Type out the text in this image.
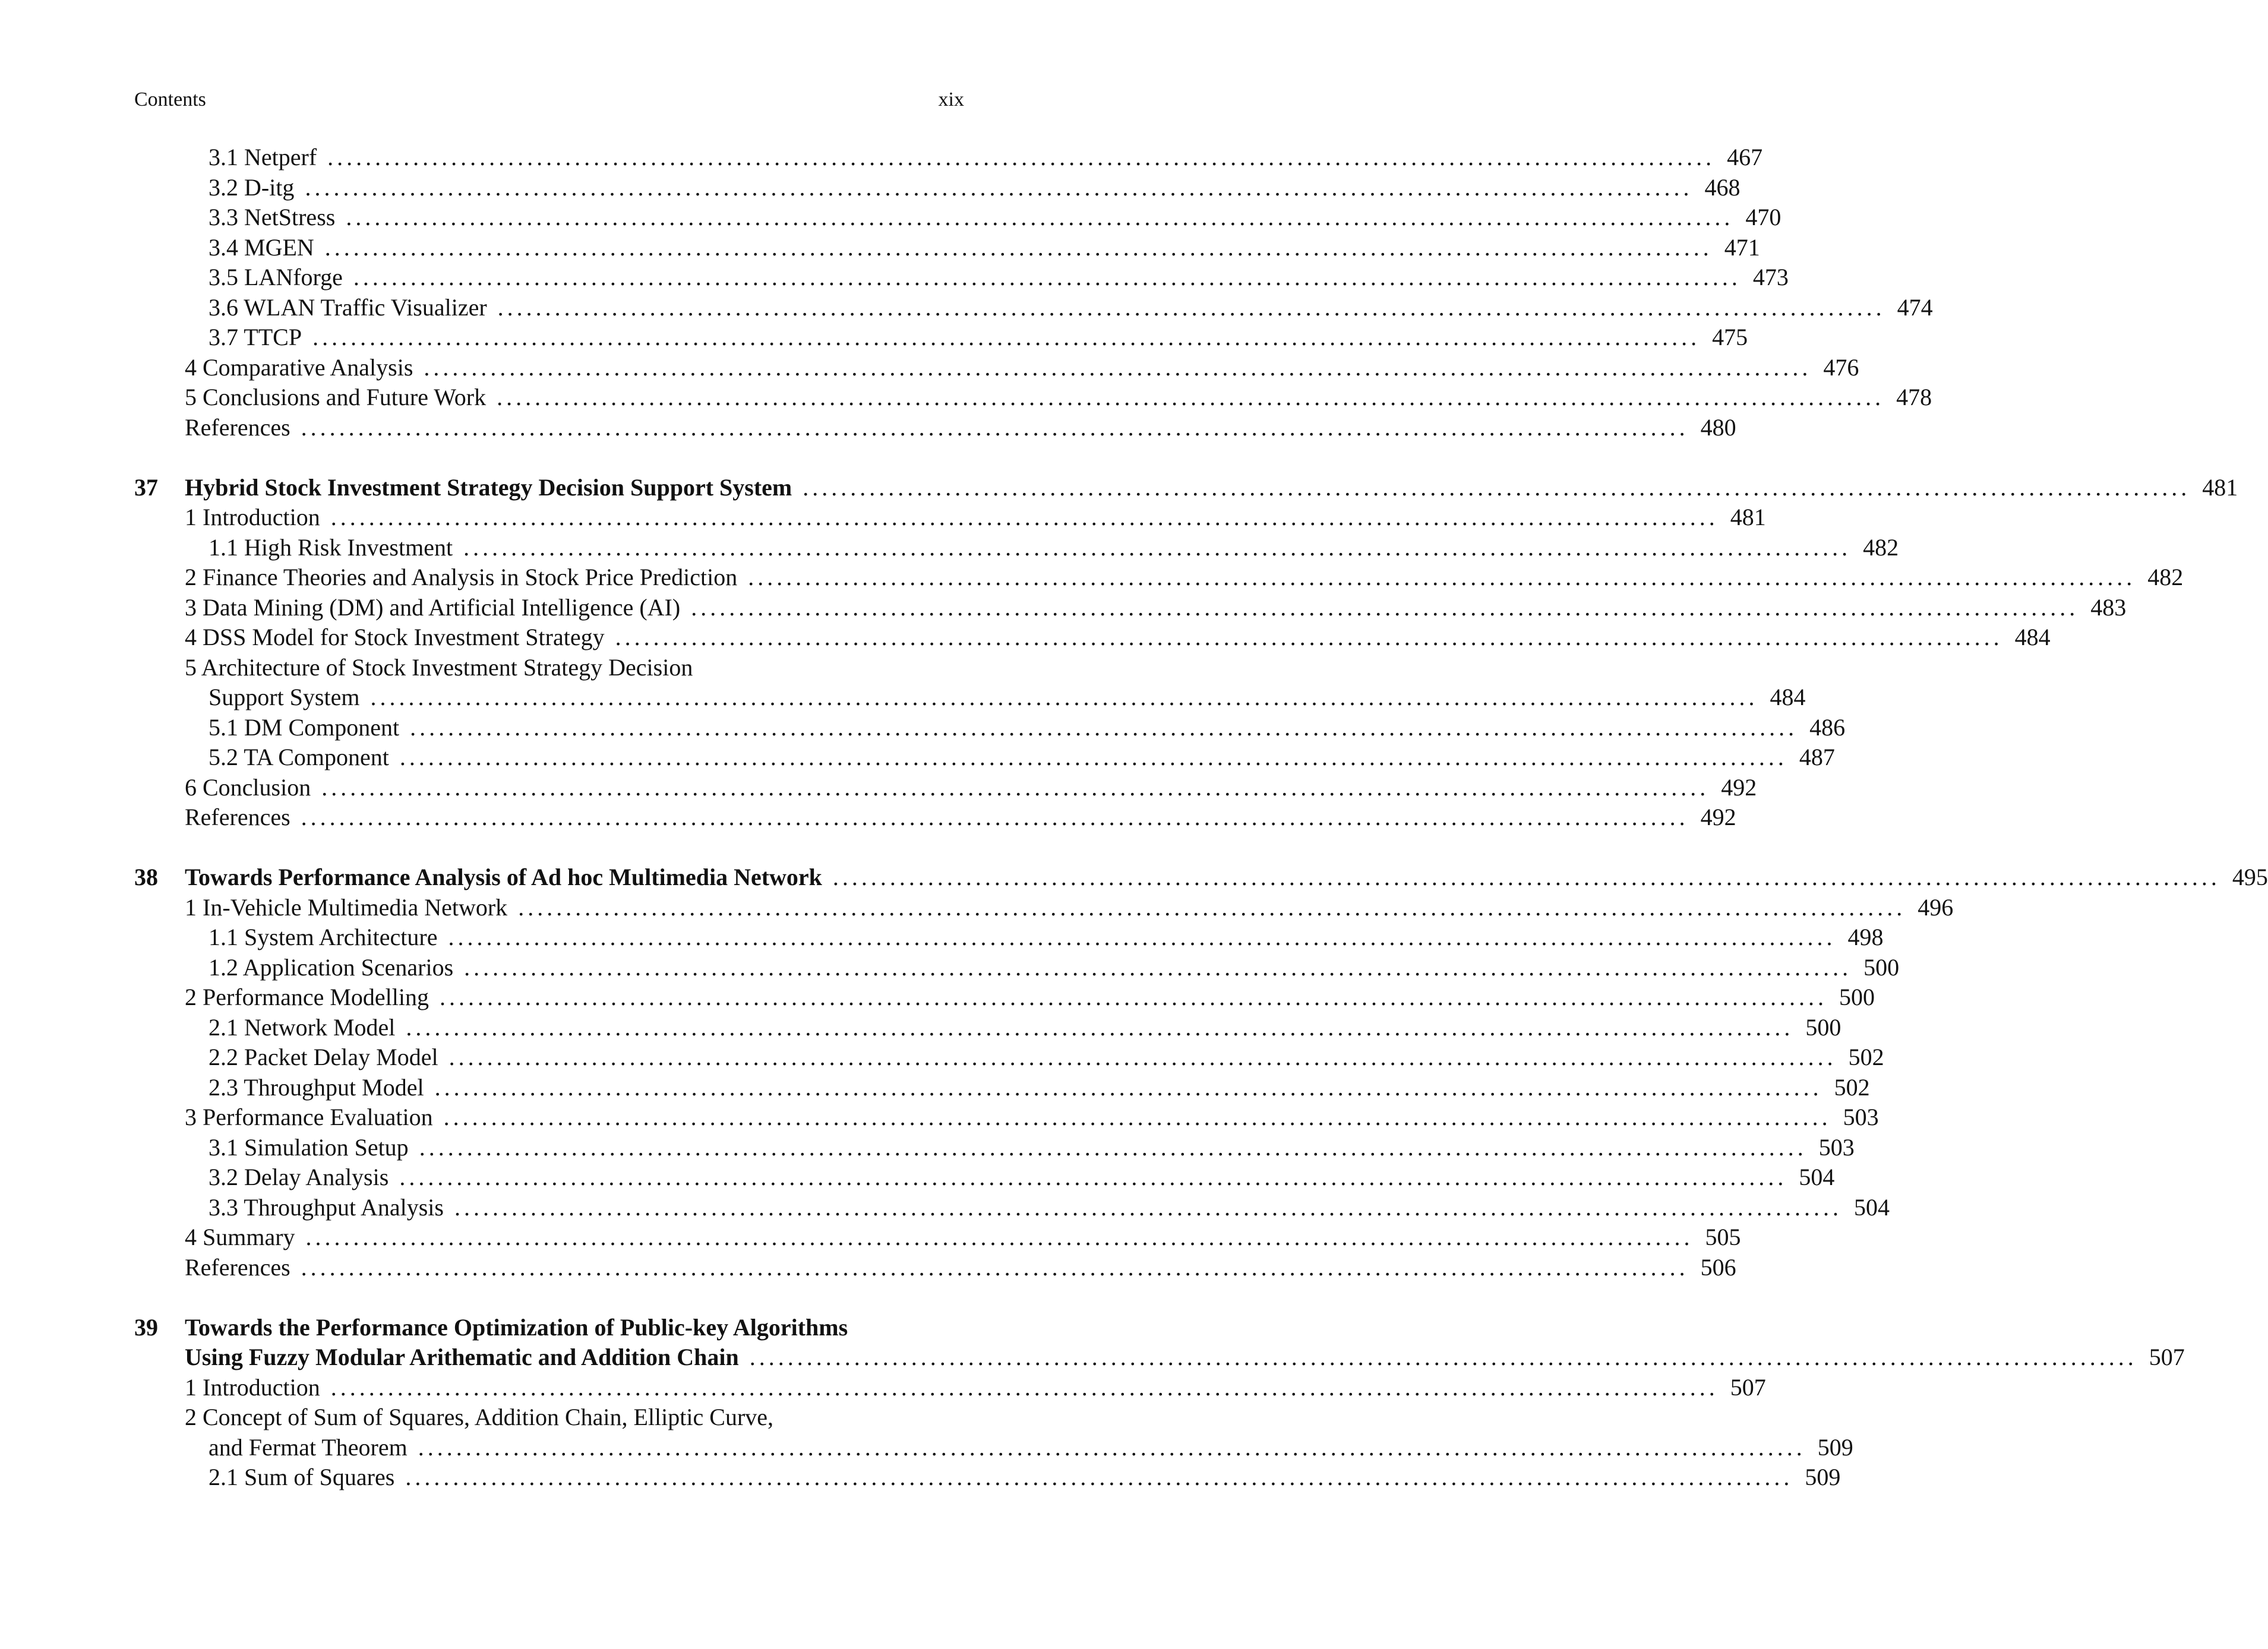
Contents	xix
3.1 Netperf .................................................................................................................................................. 467
3.2 D-itg .................................................................................................................................................. 468
3.3 NetStress .................................................................................................................................................. 470
3.4 MGEN .................................................................................................................................................. 471
3.5 LANforge .................................................................................................................................................. 473
3.6 WLAN Traffic Visualizer .................................................................................................................................................. 474
3.7 TTCP .................................................................................................................................................. 475
4 Comparative Analysis .................................................................................................................................................. 476
5 Conclusions and Future Work .................................................................................................................................................. 478
References .................................................................................................................................................. 480
37	Hybrid Stock Investment Strategy Decision Support System .................................................................................................................................................. 481
1 Introduction .................................................................................................................................................. 481
1.1 High Risk Investment .................................................................................................................................................. 482
2 Finance Theories and Analysis in Stock Price Prediction .................................................................................................................................................. 482
3 Data Mining (DM) and Artificial Intelligence (AI) .................................................................................................................................................. 483
4 DSS Model for Stock Investment Strategy .................................................................................................................................................. 484
5 Architecture of Stock Investment Strategy Decision
Support System .................................................................................................................................................. 484
5.1 DM Component .................................................................................................................................................. 486
5.2 TA Component .................................................................................................................................................. 487
6 Conclusion .................................................................................................................................................. 492
References .................................................................................................................................................. 492
38	Towards Performance Analysis of Ad hoc Multimedia Network .................................................................................................................................................. 495
1 In-Vehicle Multimedia Network .................................................................................................................................................. 496
1.1 System Architecture .................................................................................................................................................. 498
1.2 Application Scenarios .................................................................................................................................................. 500
2 Performance Modelling .................................................................................................................................................. 500
2.1 Network Model .................................................................................................................................................. 500
2.2 Packet Delay Model .................................................................................................................................................. 502
2.3 Throughput Model .................................................................................................................................................. 502
3 Performance Evaluation .................................................................................................................................................. 503
3.1 Simulation Setup .................................................................................................................................................. 503
3.2 Delay Analysis .................................................................................................................................................. 504
3.3 Throughput Analysis .................................................................................................................................................. 504
4 Summary .................................................................................................................................................. 505
References .................................................................................................................................................. 506
39	Towards the Performance Optimization of Public-key Algorithms
Using Fuzzy Modular Arithematic and Addition Chain .................................................................................................................................................. 507
1 Introduction .................................................................................................................................................. 507
2 Concept of Sum of Squares, Addition Chain, Elliptic Curve,
and Fermat Theorem .................................................................................................................................................. 509
2.1 Sum of Squares .................................................................................................................................................. 509
